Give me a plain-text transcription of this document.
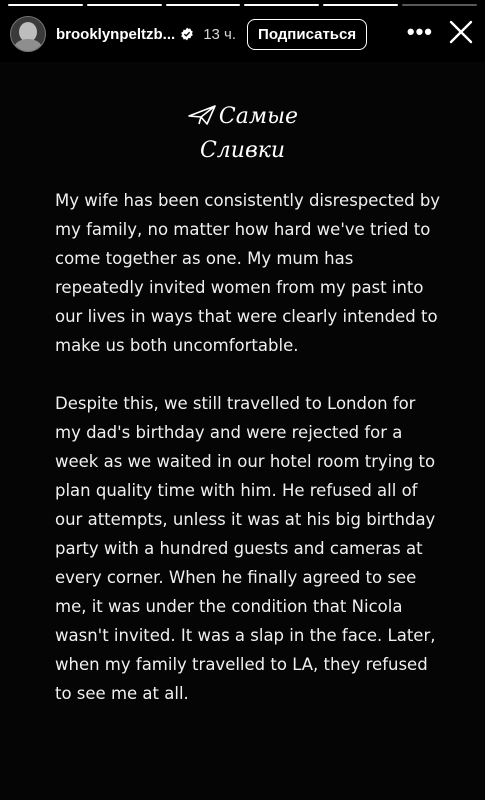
brooklynpeltzb... 13 ч.	Подписаться	•••
Самые
Сливки

My wife has been consistently disrespected by my family, no matter how hard we've tried to come together as one. My mum has repeatedly invited women from my past into our lives in ways that were clearly intended to make us both uncomfortable.

Despite this, we still travelled to London for my dad's birthday and were rejected for a week as we waited in our hotel room trying to plan quality time with him. He refused all of our attempts, unless it was at his big birthday party with a hundred guests and cameras at every corner. When he finally agreed to see me, it was under the condition that Nicola wasn't invited. It was a slap in the face. Later, when my family travelled to LA, they refused to see me at all.
